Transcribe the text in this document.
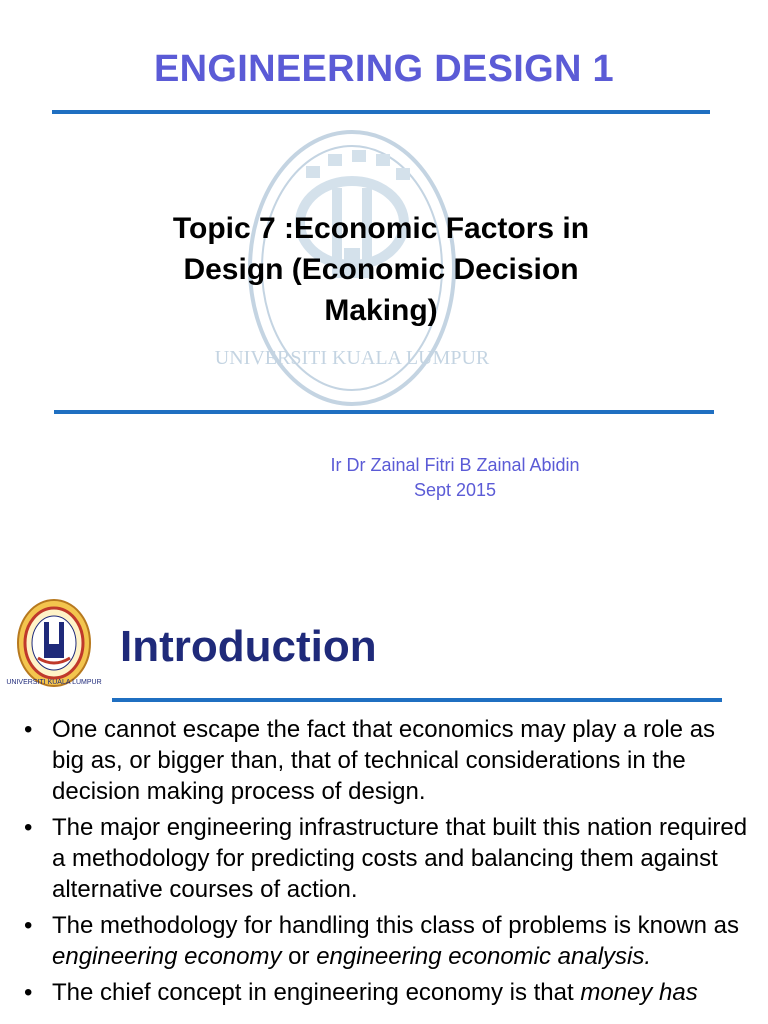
ENGINEERING DESIGN 1
UNIVERSITI KUALA LUMPUR
Topic 7 :Economic Factors in
Design (Economic Decision
Making)
Ir Dr Zainal Fitri B Zainal Abidin
Sept 2015
UNIVERSITI KUALA LUMPUR
Introduction
• One cannot escape the fact that economics may play a role as big as, or bigger than, that of technical considerations in the decision making process of design.
• The major engineering infrastructure that built this nation required a methodology for predicting costs and balancing them against alternative courses of action.
• The methodology for handling this class of problems is known as engineering economy or engineering economic analysis.
• The chief concept in engineering economy is that money has
